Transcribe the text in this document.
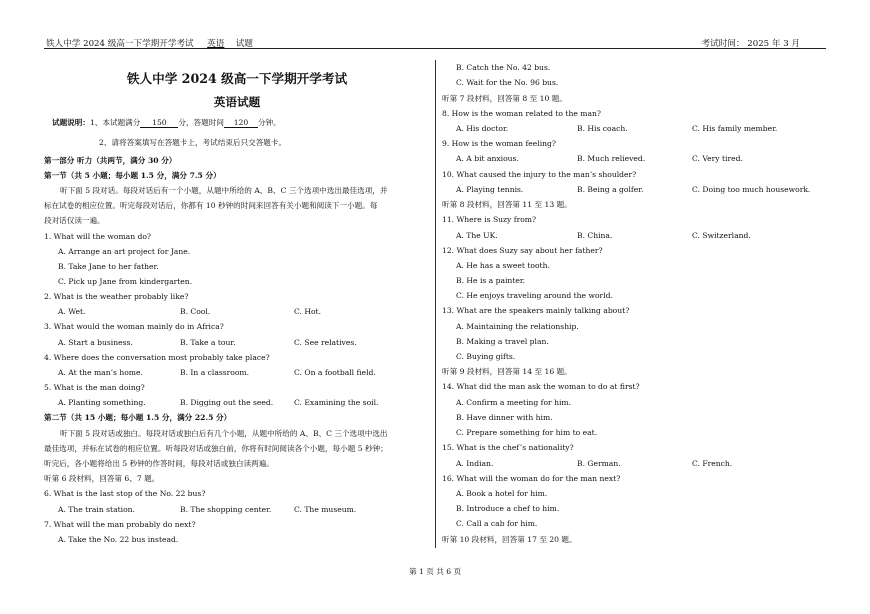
铁人中学 2024 级高一下学期开学考试 英语 试题	考试时间： 2025 年 3 月
铁人中学 2024 级高一下学期开学考试
英语试题
试题说明：1、本试题满分 150 分，答题时间 120 分钟。
2、请将答案填写在答题卡上，考试结束后只交答题卡。
第一部分 听力（共两节，满分 30 分）
第一节（共 5 小题；每小题 1.5 分，满分 7.5 分）
听下面 5 段对话。每段对话后有一个小题，从题中所给的 A、B、C 三个选项中选出最佳选项，并
标在试卷的相应位置。听完每段对话后，你都有 10 秒钟的时间来回答有关小题和阅读下一小题。每
段对话仅读一遍。
1. What will the woman do?
A. Arrange an art project for Jane.
B. Take Jane to her father.
C. Pick up Jane from kindergarten.
2. What is the weather probably like?
A. Wet.	B. Cool.	C. Hot.
3. What would the woman mainly do in Africa?
A. Start a business.	B. Take a tour.	C. See relatives.
4. Where does the conversation most probably take place?
A. At the man’s home.	B. In a classroom.	C. On a football field.
5. What is the man doing?
A. Planting something.	B. Digging out the seed.	C. Examining the soil.
第二节（共 15 小题；每小题 1.5 分，满分 22.5 分）
听下面 5 段对话或独白。每段对话或独白后有几个小题，从题中所给的 A、B、C 三个选项中选出
最佳选项，并标在试卷的相应位置。听每段对话或独白前，你将有时间阅读各个小题，每小题 5 秒钟；
听完后，各小题将给出 5 秒钟的作答时间，每段对话或独白读两遍。
听第 6 段材料，回答第 6、7 题。
6. What is the last stop of the No. 22 bus?
A. The train station.	B. The shopping center.	C. The museum.
7. What will the man probably do next?
A. Take the No. 22 bus instead.
B. Catch the No. 42 bus.
C. Wait for the No. 96 bus.
听第 7 段材料，回答第 8 至 10 题。
8. How is the woman related to the man?
A. His doctor.	B. His coach.	C. His family member.
9. How is the woman feeling?
A. A bit anxious.	B. Much relieved.	C. Very tired.
10. What caused the injury to the man’s shoulder?
A. Playing tennis.	B. Being a golfer.	C. Doing too much housework.
听第 8 段材料，回答第 11 至 13 题。
11. Where is Suzy from?
A. The UK.	B. China.	C. Switzerland.
12. What does Suzy say about her father?
A. He has a sweet tooth.
B. He is a painter.
C. He enjoys traveling around the world.
13. What are the speakers mainly talking about?
A. Maintaining the relationship.
B. Making a travel plan.
C. Buying gifts.
听第 9 段材料，回答第 14 至 16 题。
14. What did the man ask the woman to do at first?
A. Confirm a meeting for him.
B. Have dinner with him.
C. Prepare something for him to eat.
15. What is the chef’s nationality?
A. Indian.	B. German.	C. French.
16. What will the woman do for the man next?
A. Book a hotel for him.
B. Introduce a chef to him.
C. Call a cab for him.
听第 10 段材料，回答第 17 至 20 题。
第 1 页 共 6 页
